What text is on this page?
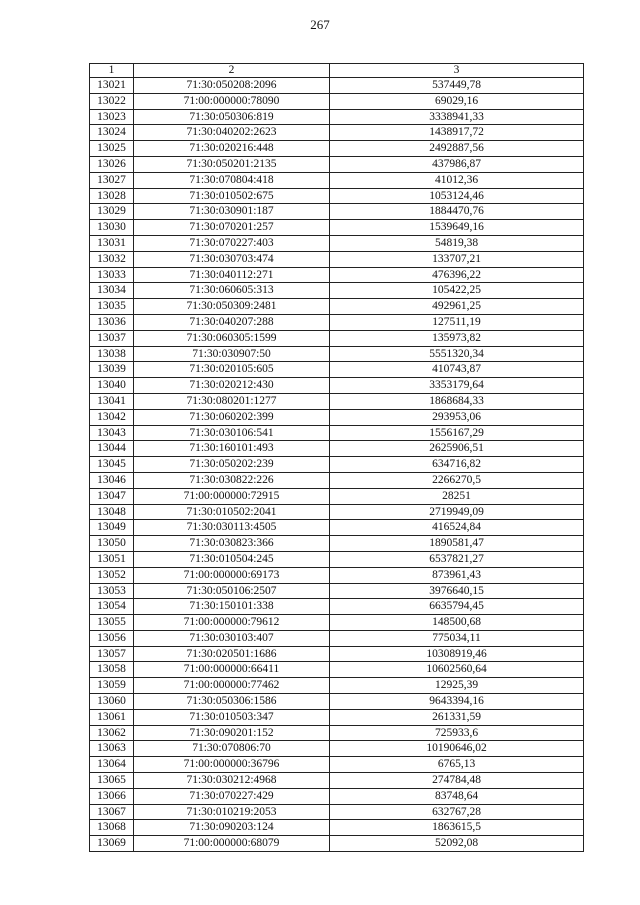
267
1	2	3
13021	71:30:050208:2096	537449,78
13022	71:00:000000:78090	69029,16
13023	71:30:050306:819	3338941,33
13024	71:30:040202:2623	1438917,72
13025	71:30:020216:448	2492887,56
13026	71:30:050201:2135	437986,87
13027	71:30:070804:418	41012,36
13028	71:30:010502:675	1053124,46
13029	71:30:030901:187	1884470,76
13030	71:30:070201:257	1539649,16
13031	71:30:070227:403	54819,38
13032	71:30:030703:474	133707,21
13033	71:30:040112:271	476396,22
13034	71:30:060605:313	105422,25
13035	71:30:050309:2481	492961,25
13036	71:30:040207:288	127511,19
13037	71:30:060305:1599	135973,82
13038	71:30:030907:50	5551320,34
13039	71:30:020105:605	410743,87
13040	71:30:020212:430	3353179,64
13041	71:30:080201:1277	1868684,33
13042	71:30:060202:399	293953,06
13043	71:30:030106:541	1556167,29
13044	71:30:160101:493	2625906,51
13045	71:30:050202:239	634716,82
13046	71:30:030822:226	2266270,5
13047	71:00:000000:72915	28251
13048	71:30:010502:2041	2719949,09
13049	71:30:030113:4505	416524,84
13050	71:30:030823:366	1890581,47
13051	71:30:010504:245	6537821,27
13052	71:00:000000:69173	873961,43
13053	71:30:050106:2507	3976640,15
13054	71:30:150101:338	6635794,45
13055	71:00:000000:79612	148500,68
13056	71:30:030103:407	775034,11
13057	71:30:020501:1686	10308919,46
13058	71:00:000000:66411	10602560,64
13059	71:00:000000:77462	12925,39
13060	71:30:050306:1586	9643394,16
13061	71:30:010503:347	261331,59
13062	71:30:090201:152	725933,6
13063	71:30:070806:70	10190646,02
13064	71:00:000000:36796	6765,13
13065	71:30:030212:4968	274784,48
13066	71:30:070227:429	83748,64
13067	71:30:010219:2053	632767,28
13068	71:30:090203:124	1863615,5
13069	71:00:000000:68079	52092,08
